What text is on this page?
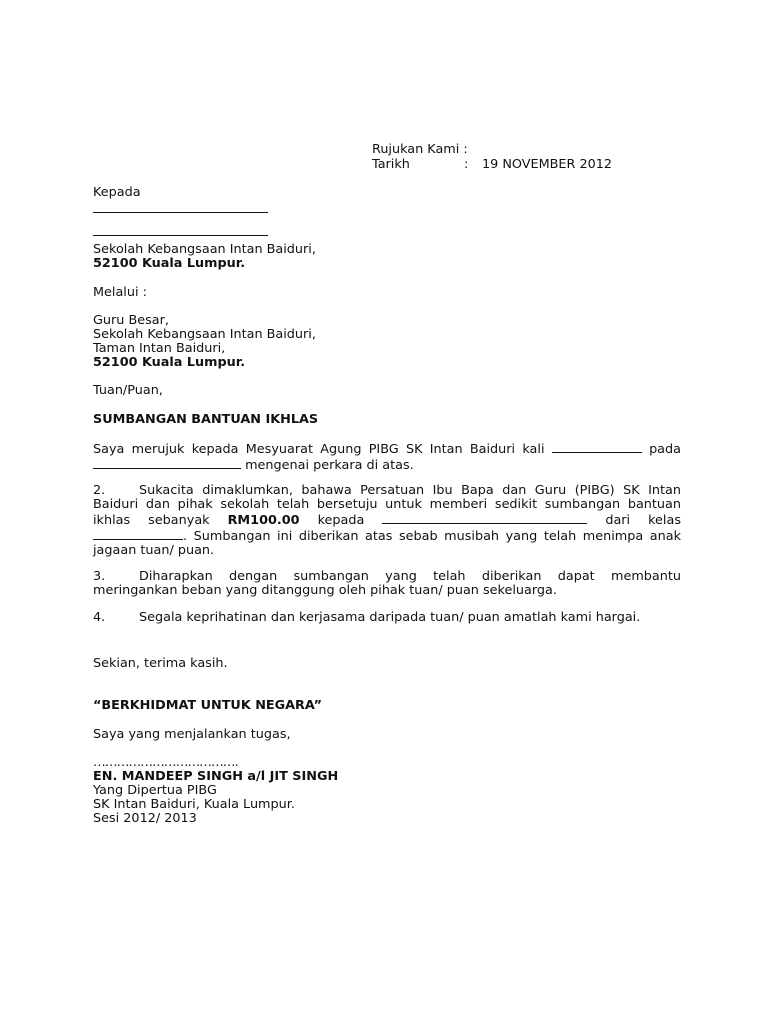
Rujukan Kami :
Tarikh	: 19 NOVEMBER 2012
Kepada
Sekolah Kebangsaan Intan Baiduri,
52100 Kuala Lumpur.
Melalui :
Guru Besar,
Sekolah Kebangsaan Intan Baiduri,
Taman Intan Baiduri,
52100 Kuala Lumpur.
Tuan/Puan,
SUMBANGAN BANTUAN IKHLAS
Saya merujuk kepada Mesyuarat Agung PIBG SK Intan Baiduri kali	pada  mengenai perkara di atas.
2.	Sukacita dimaklumkan, bahawa Persatuan Ibu Bapa dan Guru (PIBG) SK Intan Baiduri dan pihak sekolah telah bersetuju untuk memberi sedikit sumbangan bantuan ikhlas sebanyak RM100.00 kepada	dari kelas . Sumbangan ini diberikan atas sebab musibah yang telah menimpa anak jagaan tuan/ puan.
3.	Diharapkan dengan sumbangan yang telah diberikan dapat membantu meringankan beban yang ditanggung oleh pihak tuan/ puan sekeluarga.
4.	Segala keprihatinan dan kerjasama daripada tuan/ puan amatlah kami hargai.
Sekian, terima kasih.
“BERKHIDMAT UNTUK NEGARA”
Saya yang menjalankan tugas,
……………………………….
EN. MANDEEP SINGH a/l JIT SINGH
Yang Dipertua PIBG
SK Intan Baiduri, Kuala Lumpur.
Sesi 2012/ 2013
